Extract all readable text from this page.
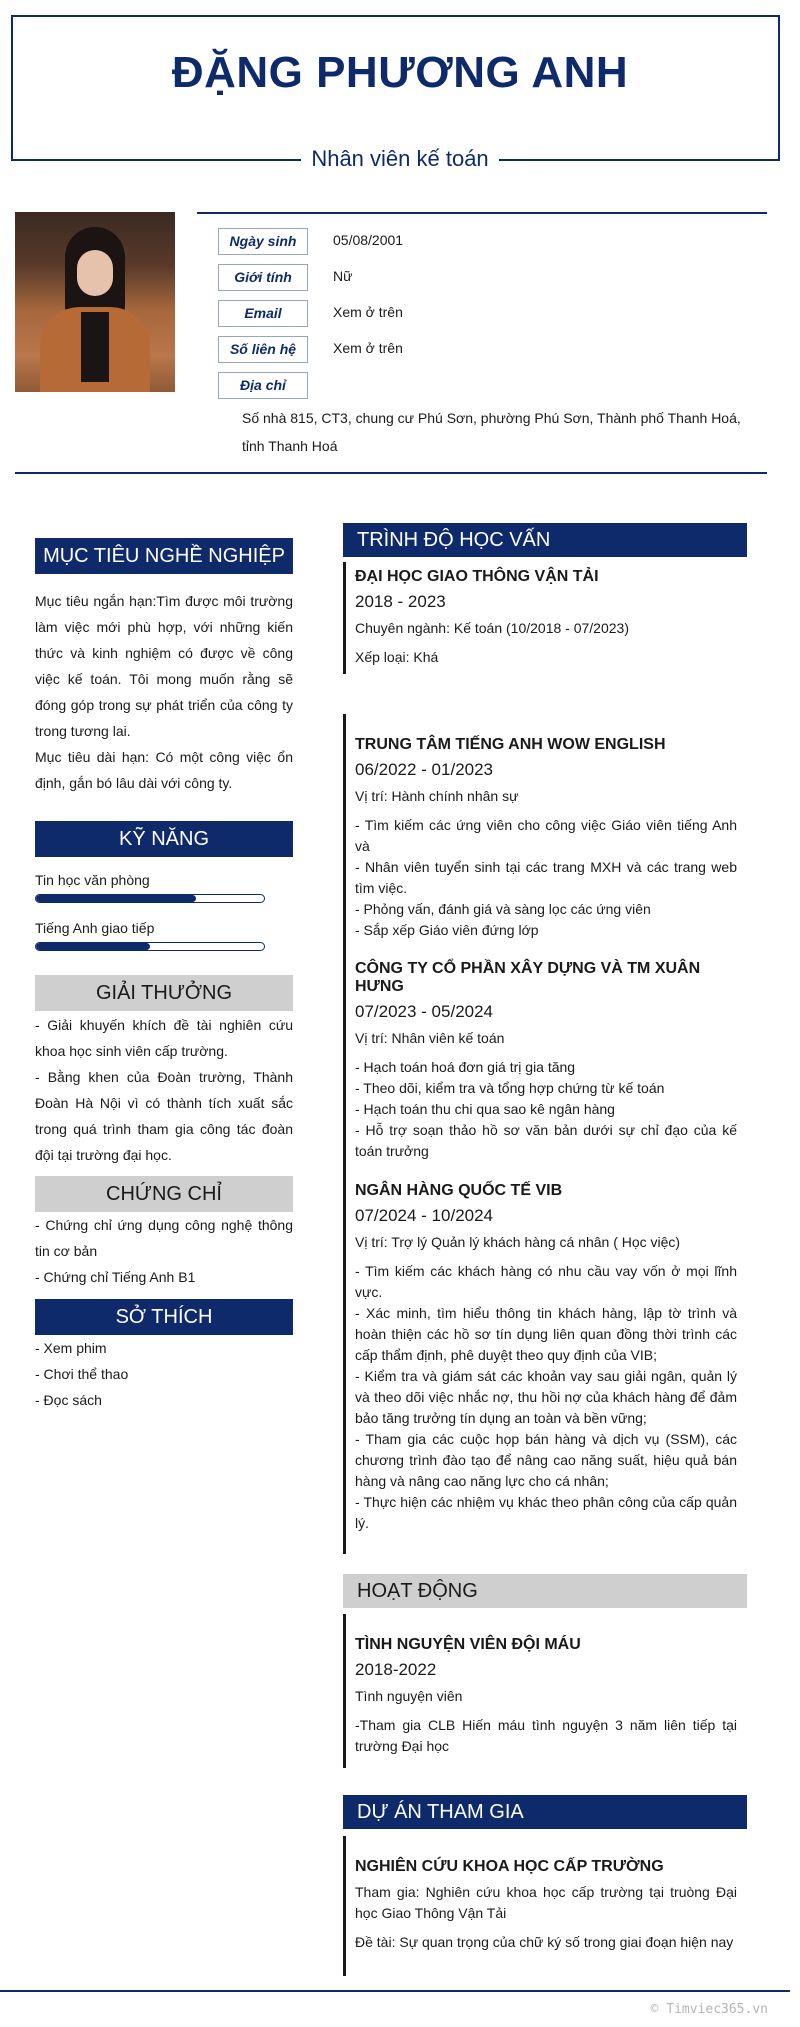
ĐẶNG PHƯƠNG ANH
Nhân viên kế toán
Ngày sinh	05/08/2001
Giới tính	Nữ
Email	Xem ở trên
Số liên hệ	Xem ở trên
Địa chỉ
Số nhà 815, CT3, chung cư Phú Sơn, phường Phú Sơn, Thành phố Thanh Hoá, tỉnh Thanh Hoá
MỤC TIÊU NGHỀ NGHIỆP
Mục tiêu ngắn hạn:Tìm được môi trường làm việc mới phù hợp, với những kiến thức và kinh nghiệm có được về công việc kế toán. Tôi mong muốn rằng sẽ đóng góp trong sự phát triển của công ty trong tương lai.
Mục tiêu dài hạn: Có một công việc ổn định, gắn bó lâu dài với công ty.
KỸ NĂNG
Tin học văn phòng
Tiếng Anh giao tiếp
GIẢI THƯỞNG
- Giải khuyến khích đề tài nghiên cứu khoa học sinh viên cấp trường.
- Bằng khen của Đoàn trường, Thành Đoàn Hà Nội vì có thành tích xuất sắc trong quá trình tham gia công tác đoàn đội tại trường đại học.
CHỨNG CHỈ
- Chứng chỉ ứng dụng công nghệ thông tin cơ bản
- Chứng chỉ Tiếng Anh B1
SỞ THÍCH
- Xem phim
- Chơi thể thao
- Đọc sách
TRÌNH ĐỘ HỌC VẤN
ĐẠI HỌC GIAO THÔNG VẬN TẢI
2018 - 2023
Chuyên ngành: Kế toán (10/2018 - 07/2023)
Xếp loại: Khá
TRUNG TÂM TIẾNG ANH WOW ENGLISH
06/2022 - 01/2023
Vị trí: Hành chính nhân sự
- Tìm kiếm các ứng viên cho công việc Giáo viên tiếng Anh và
- Nhân viên tuyển sinh tại các trang MXH và các trang web tìm việc.
- Phỏng vấn, đánh giá và sàng lọc các ứng viên
- Sắp xếp Giáo viên đứng lớp
CÔNG TY CỔ PHẦN XÂY DỰNG VÀ TM XUÂN HƯNG
07/2023 - 05/2024
Vị trí: Nhân viên kế toán
- Hạch toán hoá đơn giá trị gia tăng
- Theo dõi, kiểm tra và tổng hợp chứng từ kế toán
- Hạch toán thu chi qua sao kê ngân hàng
- Hỗ trợ soạn thảo hồ sơ văn bản dưới sự chỉ đạo của kế toán trưởng
NGÂN HÀNG QUỐC TẾ VIB
07/2024 - 10/2024
Vị trí: Trợ lý Quản lý khách hàng cá nhân ( Học việc)
- Tìm kiếm các khách hàng có nhu cầu vay vốn ở mọi lĩnh vực.
- Xác minh, tìm hiểu thông tin khách hàng, lập tờ trình và hoàn thiện các hồ sơ tín dụng liên quan đồng thời trình các cấp thẩm định, phê duyệt theo quy định của VIB;
- Kiểm tra và giám sát các khoản vay sau giải ngân, quản lý và theo dõi việc nhắc nợ, thu hồi nợ của khách hàng để đảm bảo tăng trưởng tín dụng an toàn và bền vững;
- Tham gia các cuộc họp bán hàng và dịch vụ (SSM), các chương trình đào tạo để nâng cao năng suất, hiệu quả bán hàng và nâng cao năng lực cho cá nhân;
- Thực hiện các nhiệm vụ khác theo phân công của cấp quản lý.
HOẠT ĐỘNG
TÌNH NGUYỆN VIÊN ĐỘI MÁU
2018-2022
Tình nguyện viên
-Tham gia CLB Hiến máu tình nguyện 3 năm liên tiếp tại trường Đại học
DỰ ÁN THAM GIA
NGHIÊN CỨU KHOA HỌC CẤP TRƯỜNG
Tham gia: Nghiên cứu khoa học cấp trường tại truòng Đại học Giao Thông Vận Tải
Đề tài: Sự quan trọng của chữ ký số trong giai đoạn hiện nay
© Timviec365.vn
